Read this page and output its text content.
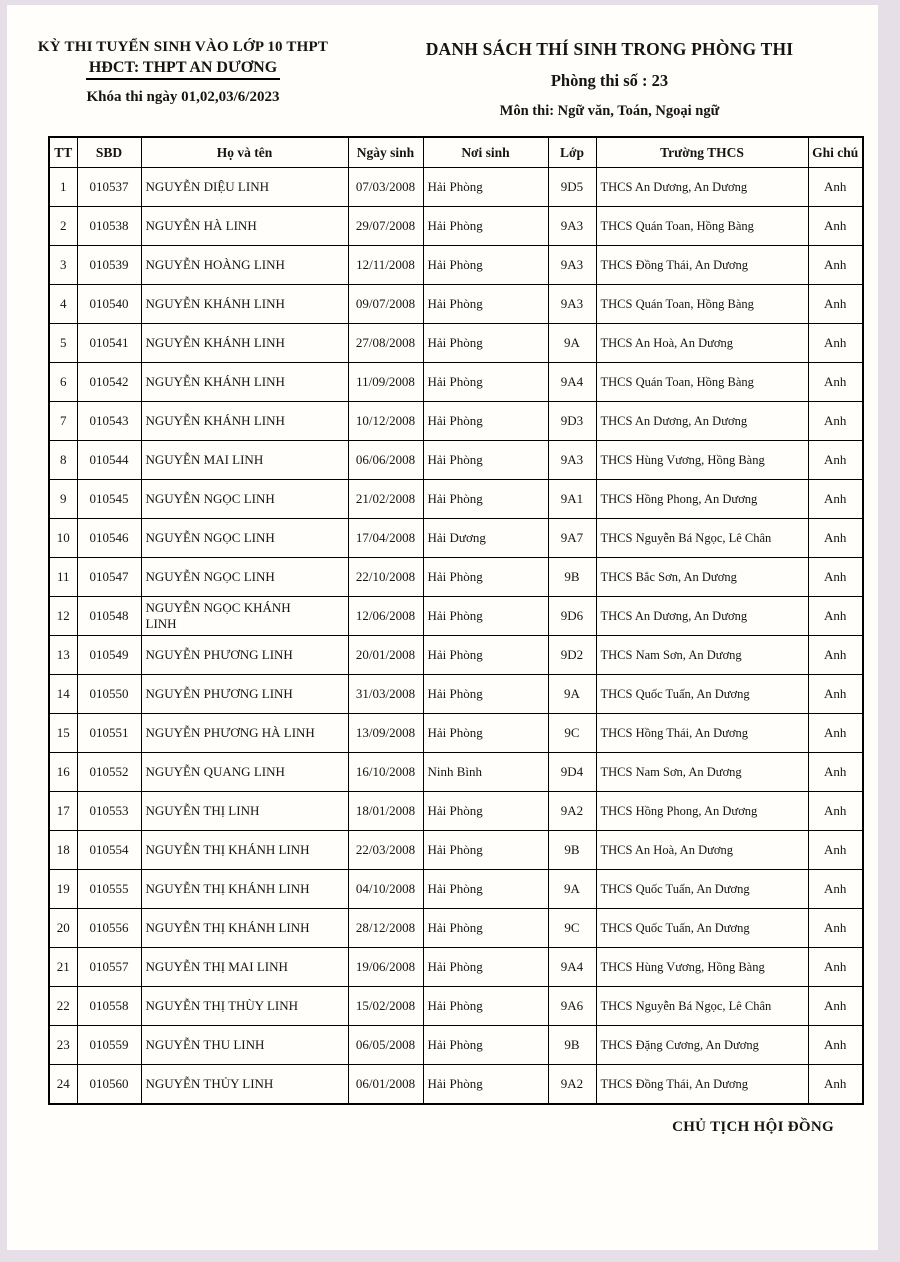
KỲ THI TUYỂN SINH VÀO LỚP 10 THPT
HĐCT: THPT AN DƯƠNG
Khóa thi ngày 01,02,03/6/2023
DANH SÁCH THÍ SINH TRONG PHÒNG THI
Phòng thi số : 23
Môn thi: Ngữ văn, Toán, Ngoại ngữ
TT	SBD	Họ và tên	Ngày sinh	Nơi sinh	Lớp	Trường THCS	Ghi chú
1	010537	NGUYỄN DIỆU LINH	07/03/2008	Hải Phòng	9D5	THCS An Dương, An Dương	Anh
2	010538	NGUYỄN HÀ LINH	29/07/2008	Hải Phòng	9A3	THCS Quán Toan, Hồng Bàng	Anh
3	010539	NGUYỄN HOÀNG LINH	12/11/2008	Hải Phòng	9A3	THCS Đồng Thái, An Dương	Anh
4	010540	NGUYỄN KHÁNH LINH	09/07/2008	Hải Phòng	9A3	THCS Quán Toan, Hồng Bàng	Anh
5	010541	NGUYỄN KHÁNH LINH	27/08/2008	Hải Phòng	9A	THCS An Hoà, An Dương	Anh
6	010542	NGUYỄN KHÁNH LINH	11/09/2008	Hải Phòng	9A4	THCS Quán Toan, Hồng Bàng	Anh
7	010543	NGUYỄN KHÁNH LINH	10/12/2008	Hải Phòng	9D3	THCS An Dương, An Dương	Anh
8	010544	NGUYỄN MAI LINH	06/06/2008	Hải Phòng	9A3	THCS Hùng Vương, Hồng Bàng	Anh
9	010545	NGUYỄN NGỌC LINH	21/02/2008	Hải Phòng	9A1	THCS Hồng Phong, An Dương	Anh
10	010546	NGUYỄN NGỌC LINH	17/04/2008	Hải Dương	9A7	THCS Nguyễn Bá Ngọc, Lê Chân	Anh
11	010547	NGUYỄN NGỌC LINH	22/10/2008	Hải Phòng	9B	THCS Bắc Sơn, An Dương	Anh
12	010548	NGUYỄN NGỌC KHÁNH LINH	12/06/2008	Hải Phòng	9D6	THCS An Dương, An Dương	Anh
13	010549	NGUYỄN PHƯƠNG LINH	20/01/2008	Hải Phòng	9D2	THCS Nam Sơn, An Dương	Anh
14	010550	NGUYỄN PHƯƠNG LINH	31/03/2008	Hải Phòng	9A	THCS Quốc Tuấn, An Dương	Anh
15	010551	NGUYỄN PHƯƠNG HÀ LINH	13/09/2008	Hải Phòng	9C	THCS Hồng Thái, An Dương	Anh
16	010552	NGUYỄN QUANG LINH	16/10/2008	Ninh Bình	9D4	THCS Nam Sơn, An Dương	Anh
17	010553	NGUYỄN THỊ LINH	18/01/2008	Hải Phòng	9A2	THCS Hồng Phong, An Dương	Anh
18	010554	NGUYỄN THỊ KHÁNH LINH	22/03/2008	Hải Phòng	9B	THCS An Hoà, An Dương	Anh
19	010555	NGUYỄN THỊ KHÁNH LINH	04/10/2008	Hải Phòng	9A	THCS Quốc Tuấn, An Dương	Anh
20	010556	NGUYỄN THỊ KHÁNH LINH	28/12/2008	Hải Phòng	9C	THCS Quốc Tuấn, An Dương	Anh
21	010557	NGUYỄN THỊ MAI LINH	19/06/2008	Hải Phòng	9A4	THCS Hùng Vương, Hồng Bàng	Anh
22	010558	NGUYỄN THỊ THÙY LINH	15/02/2008	Hải Phòng	9A6	THCS Nguyễn Bá Ngọc, Lê Chân	Anh
23	010559	NGUYỄN THU LINH	06/05/2008	Hải Phòng	9B	THCS Đặng Cương, An Dương	Anh
24	010560	NGUYỄN THỦY LINH	06/01/2008	Hải Phòng	9A2	THCS Đồng Thái, An Dương	Anh
CHỦ TỊCH HỘI ĐỒNG
